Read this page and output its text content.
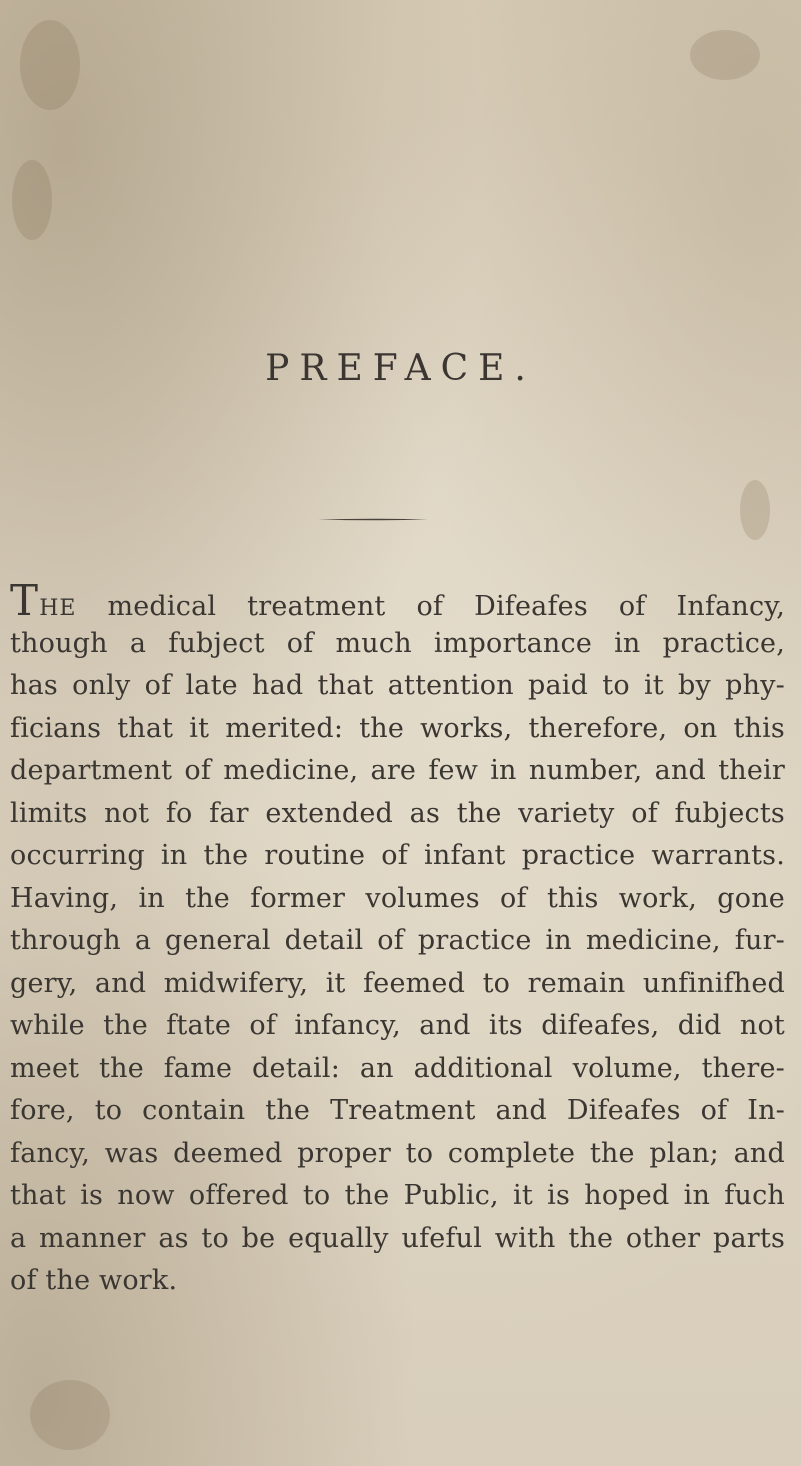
PREFACE.
THE medical treatment of Difeafes of Infancy,
though a fubject of much importance in practice,
has only of late had that attention paid to it by phy-
ficians that it merited: the works, therefore, on this
department of medicine, are few in number, and their
limits not fo far extended as the variety of fubjects
occurring in the routine of infant practice warrants.
Having, in the former volumes of this work, gone
through a general detail of practice in medicine, fur-
gery, and midwifery, it feemed to remain unfinifhed
while the ftate of infancy, and its difeafes, did not
meet the fame detail: an additional volume, there-
fore, to contain the Treatment and Difeafes of In-
fancy, was deemed proper to complete the plan; and
that is now offered to the Public, it is hoped in fuch
a manner as to be equally ufeful with the other parts
of the work.
